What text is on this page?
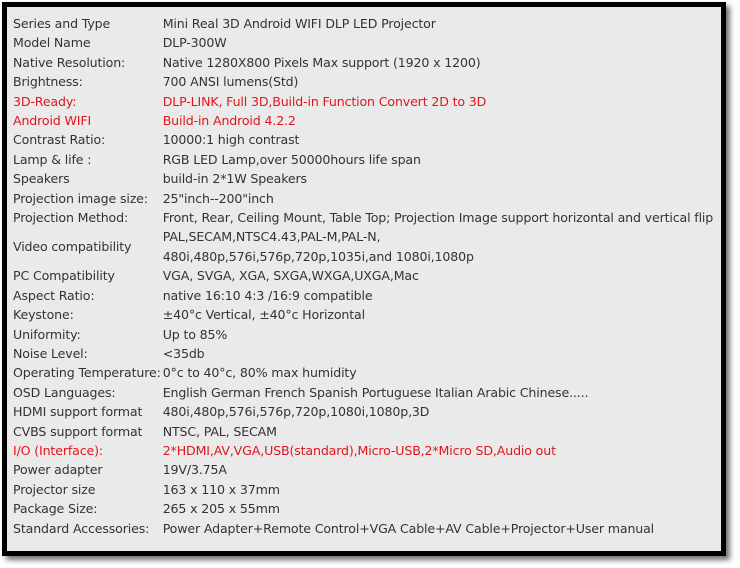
Series and Type	Mini Real 3D Android WIFI DLP LED Projector
Model Name	DLP-300W
Native Resolution:	Native 1280X800 Pixels Max support (1920 x 1200)
Brightness:	700 ANSI lumens(Std)
3D-Ready:	DLP-LINK, Full 3D,Build-in Function Convert 2D to 3D
Android WIFI	Build-in Android 4.2.2
Contrast Ratio:	10000:1 high contrast
Lamp & life :	RGB LED Lamp,over 50000hours life span
Speakers	build-in 2*1W Speakers
Projection image size:	25"inch--200"inch
Projection Method:	Front, Rear, Ceiling Mount, Table Top; Projection Image support horizontal and vertical flip
Video compatibility	PAL,SECAM,NTSC4.43,PAL-M,PAL-N,
480i,480p,576i,576p,720p,1035i,and 1080i,1080p

PC Compatibility	VGA, SVGA, XGA, SXGA,WXGA,UXGA,Mac
Aspect Ratio:	native 16:10 4:3 /16:9 compatible
Keystone:	±40°c Vertical, ±40°c Horizontal
Uniformity:	Up to 85%
Noise Level:	<35db
Operating Temperature:	0°c to 40°c, 80% max humidity
OSD Languages:	English German French Spanish Portuguese Italian Arabic Chinese.....
HDMI support format	480i,480p,576i,576p,720p,1080i,1080p,3D
CVBS support format	NTSC, PAL, SECAM
I/O (Interface):	2*HDMI,AV,VGA,USB(standard),Micro-USB,2*Micro SD,Audio out
Power adapter	19V/3.75A
Projector size	163 x 110 x 37mm
Package Size:	265 x 205 x 55mm
Standard Accessories:	Power Adapter+Remote Control+VGA Cable+AV Cable+Projector+User manual
